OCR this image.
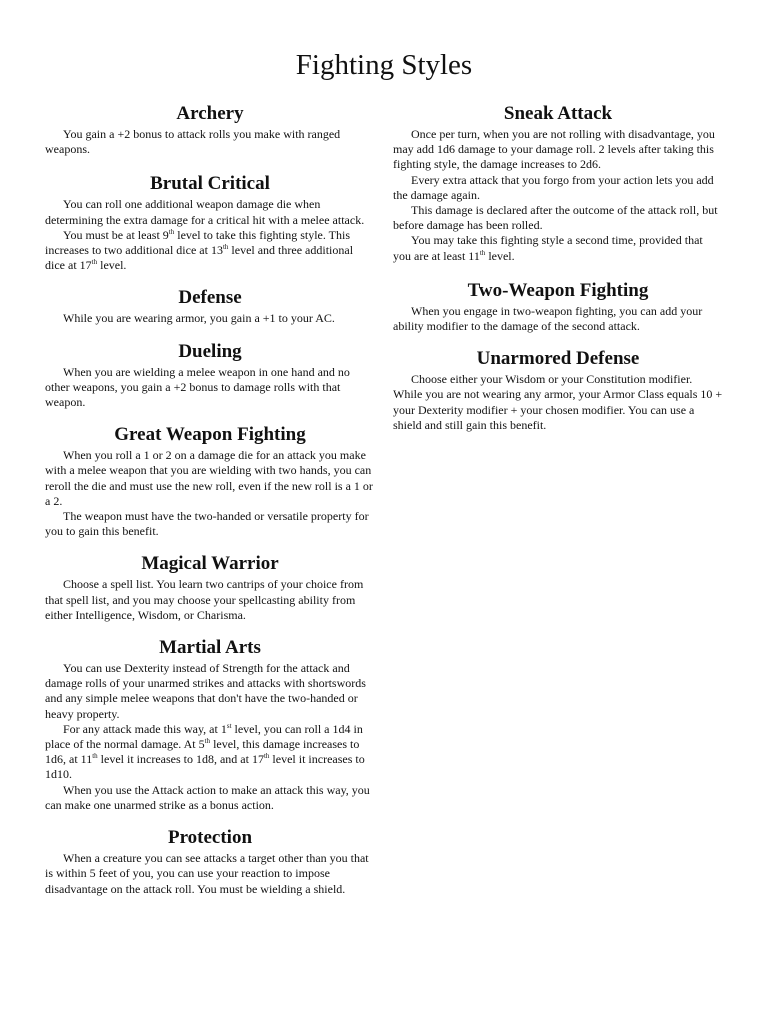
Fighting Styles
Archery

You gain a +2 bonus to attack rolls you make with ranged weapons.

Brutal Critical

You can roll one additional weapon damage die when determining the extra damage for a critical hit with a melee attack.

You must be at least 9th level to take this fighting style. This increases to two additional dice at 13th level and three additional dice at 17th level.

Defense

While you are wearing armor, you gain a +1 to your AC.

Dueling

When you are wielding a melee weapon in one hand and no other weapons, you gain a +2 bonus to damage rolls with that weapon.

Great Weapon Fighting

When you roll a 1 or 2 on a damage die for an attack you make with a melee weapon that you are wielding with two hands, you can reroll the die and must use the new roll, even if the new roll is a 1 or a 2.

The weapon must have the two-handed or versatile property for you to gain this benefit.

Magical Warrior

Choose a spell list. You learn two cantrips of your choice from that spell list, and you may choose your spellcasting ability from either Intelligence, Wisdom, or Charisma.

Martial Arts

You can use Dexterity instead of Strength for the attack and damage rolls of your unarmed strikes and attacks with shortswords and any simple melee weapons that don't have the two-handed or heavy property.

For any attack made this way, at 1st level, you can roll a 1d4 in place of the normal damage. At 5th level, this damage increases to 1d6, at 11th level it increases to 1d8, and at 17th level it increases to 1d10.

When you use the Attack action to make an attack this way, you can make one unarmed strike as a bonus action.

Protection

When a creature you can see attacks a target other than you that is within 5 feet of you, you can use your reaction to impose disadvantage on the attack roll. You must be wielding a shield.

Sneak Attack

Once per turn, when you are not rolling with disadvantage, you may add 1d6 damage to your damage roll. 2 levels after taking this fighting style, the damage increases to 2d6.

Every extra attack that you forgo from your action lets you add the damage again.

This damage is declared after the outcome of the attack roll, but before damage has been rolled.

You may take this fighting style a second time, provided that you are at least 11th level.

Two-Weapon Fighting

When you engage in two-weapon fighting, you can add your ability modifier to the damage of the second attack.

Unarmored Defense

Choose either your Wisdom or your Constitution modifier. While you are not wearing any armor, your Armor Class equals 10 + your Dexterity modifier + your chosen modifier. You can use a shield and still gain this benefit.
